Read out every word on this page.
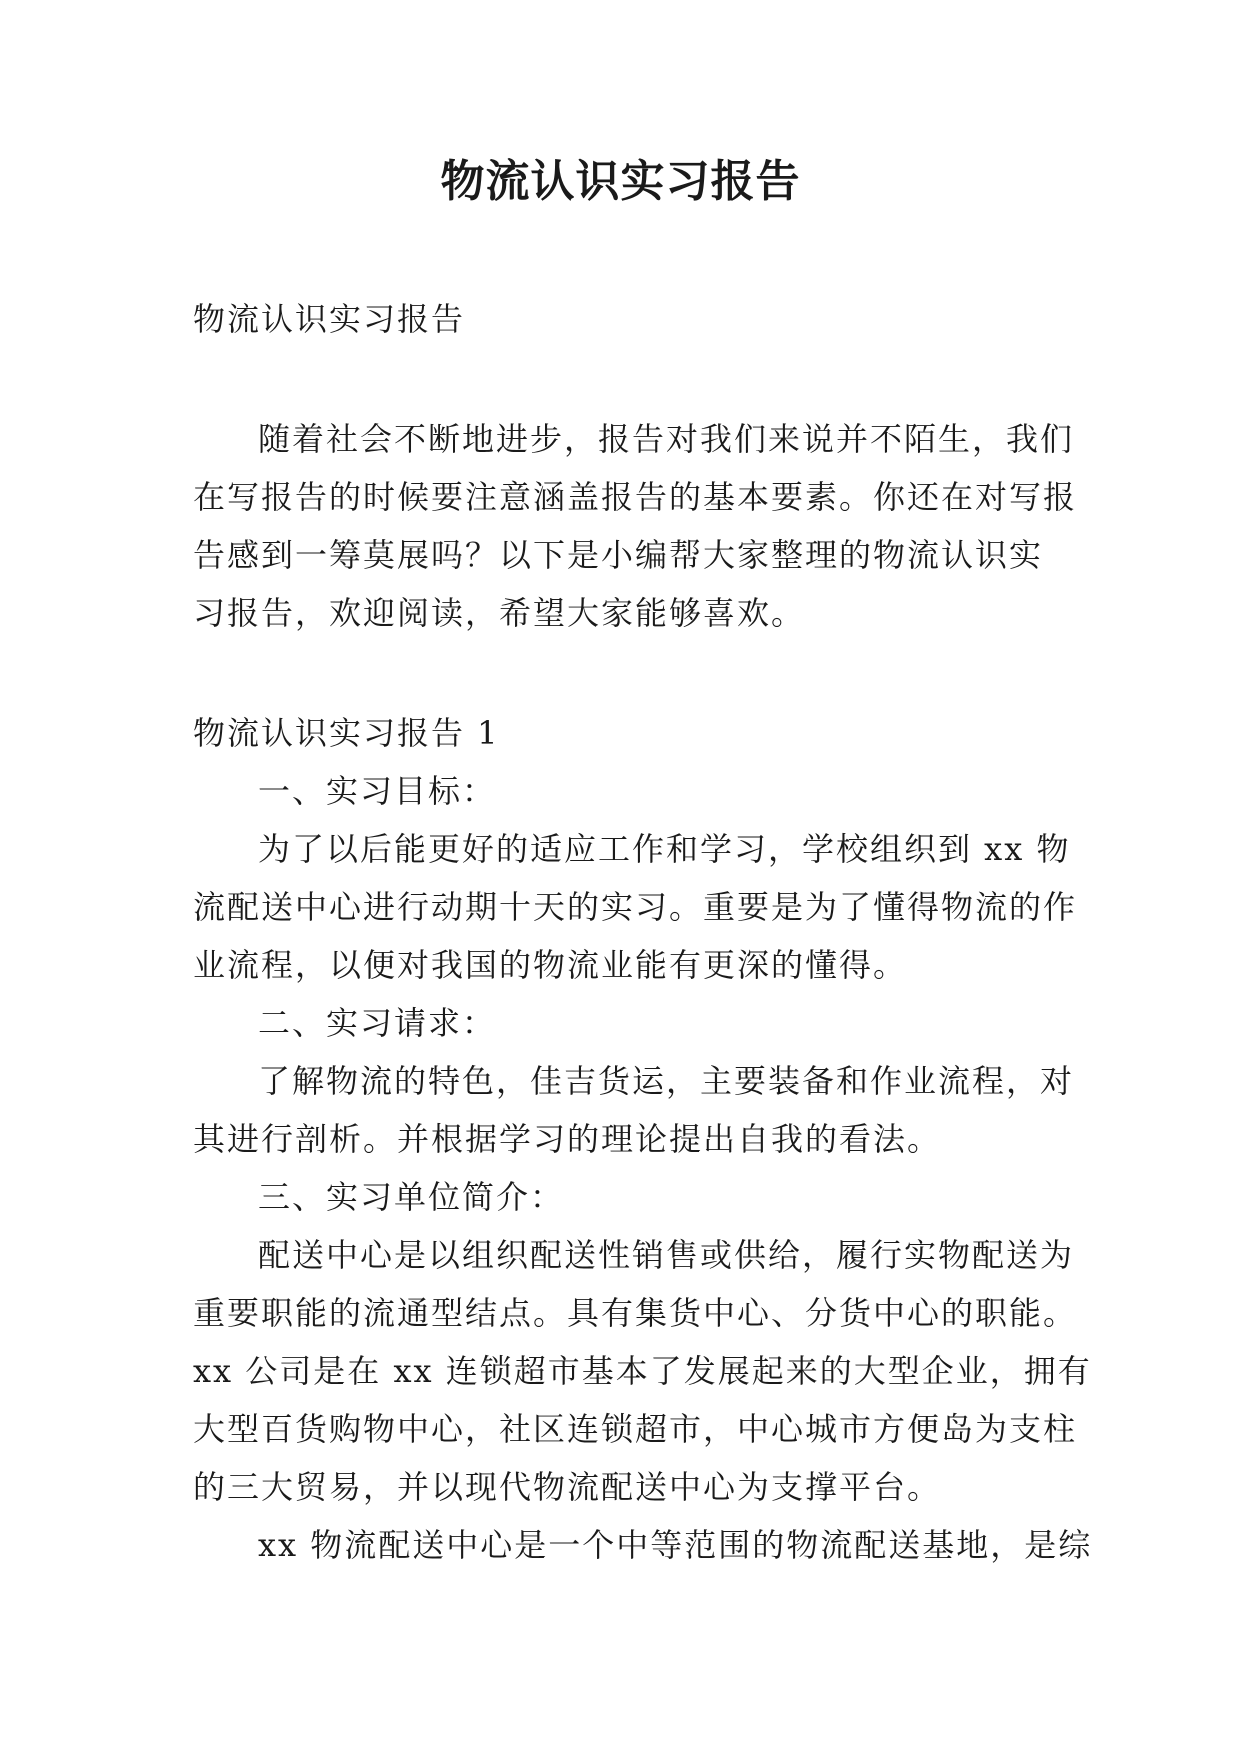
物流认识实习报告
物流认识实习报告
随着社会不断地进步，报告对我们来说并不陌生，我们
在写报告的时候要注意涵盖报告的基本要素。你还在对写报
告感到一筹莫展吗？以下是小编帮大家整理的物流认识实
习报告，欢迎阅读，希望大家能够喜欢。
物流认识实习报告 1
一、实习目标：
为了以后能更好的适应工作和学习，学校组织到 xx 物
流配送中心进行动期十天的实习。重要是为了懂得物流的作
业流程，以便对我国的物流业能有更深的懂得。
二、实习请求：
了解物流的特色，佳吉货运，主要装备和作业流程，对
其进行剖析。并根据学习的理论提出自我的看法。
三、实习单位简介：
配送中心是以组织配送性销售或供给，履行实物配送为
重要职能的流通型结点。具有集货中心、分货中心的职能。
xx 公司是在 xx 连锁超市基本了发展起来的大型企业，拥有
大型百货购物中心，社区连锁超市，中心城市方便岛为支柱
的三大贸易，并以现代物流配送中心为支撑平台。
xx 物流配送中心是一个中等范围的物流配送基地，是综
